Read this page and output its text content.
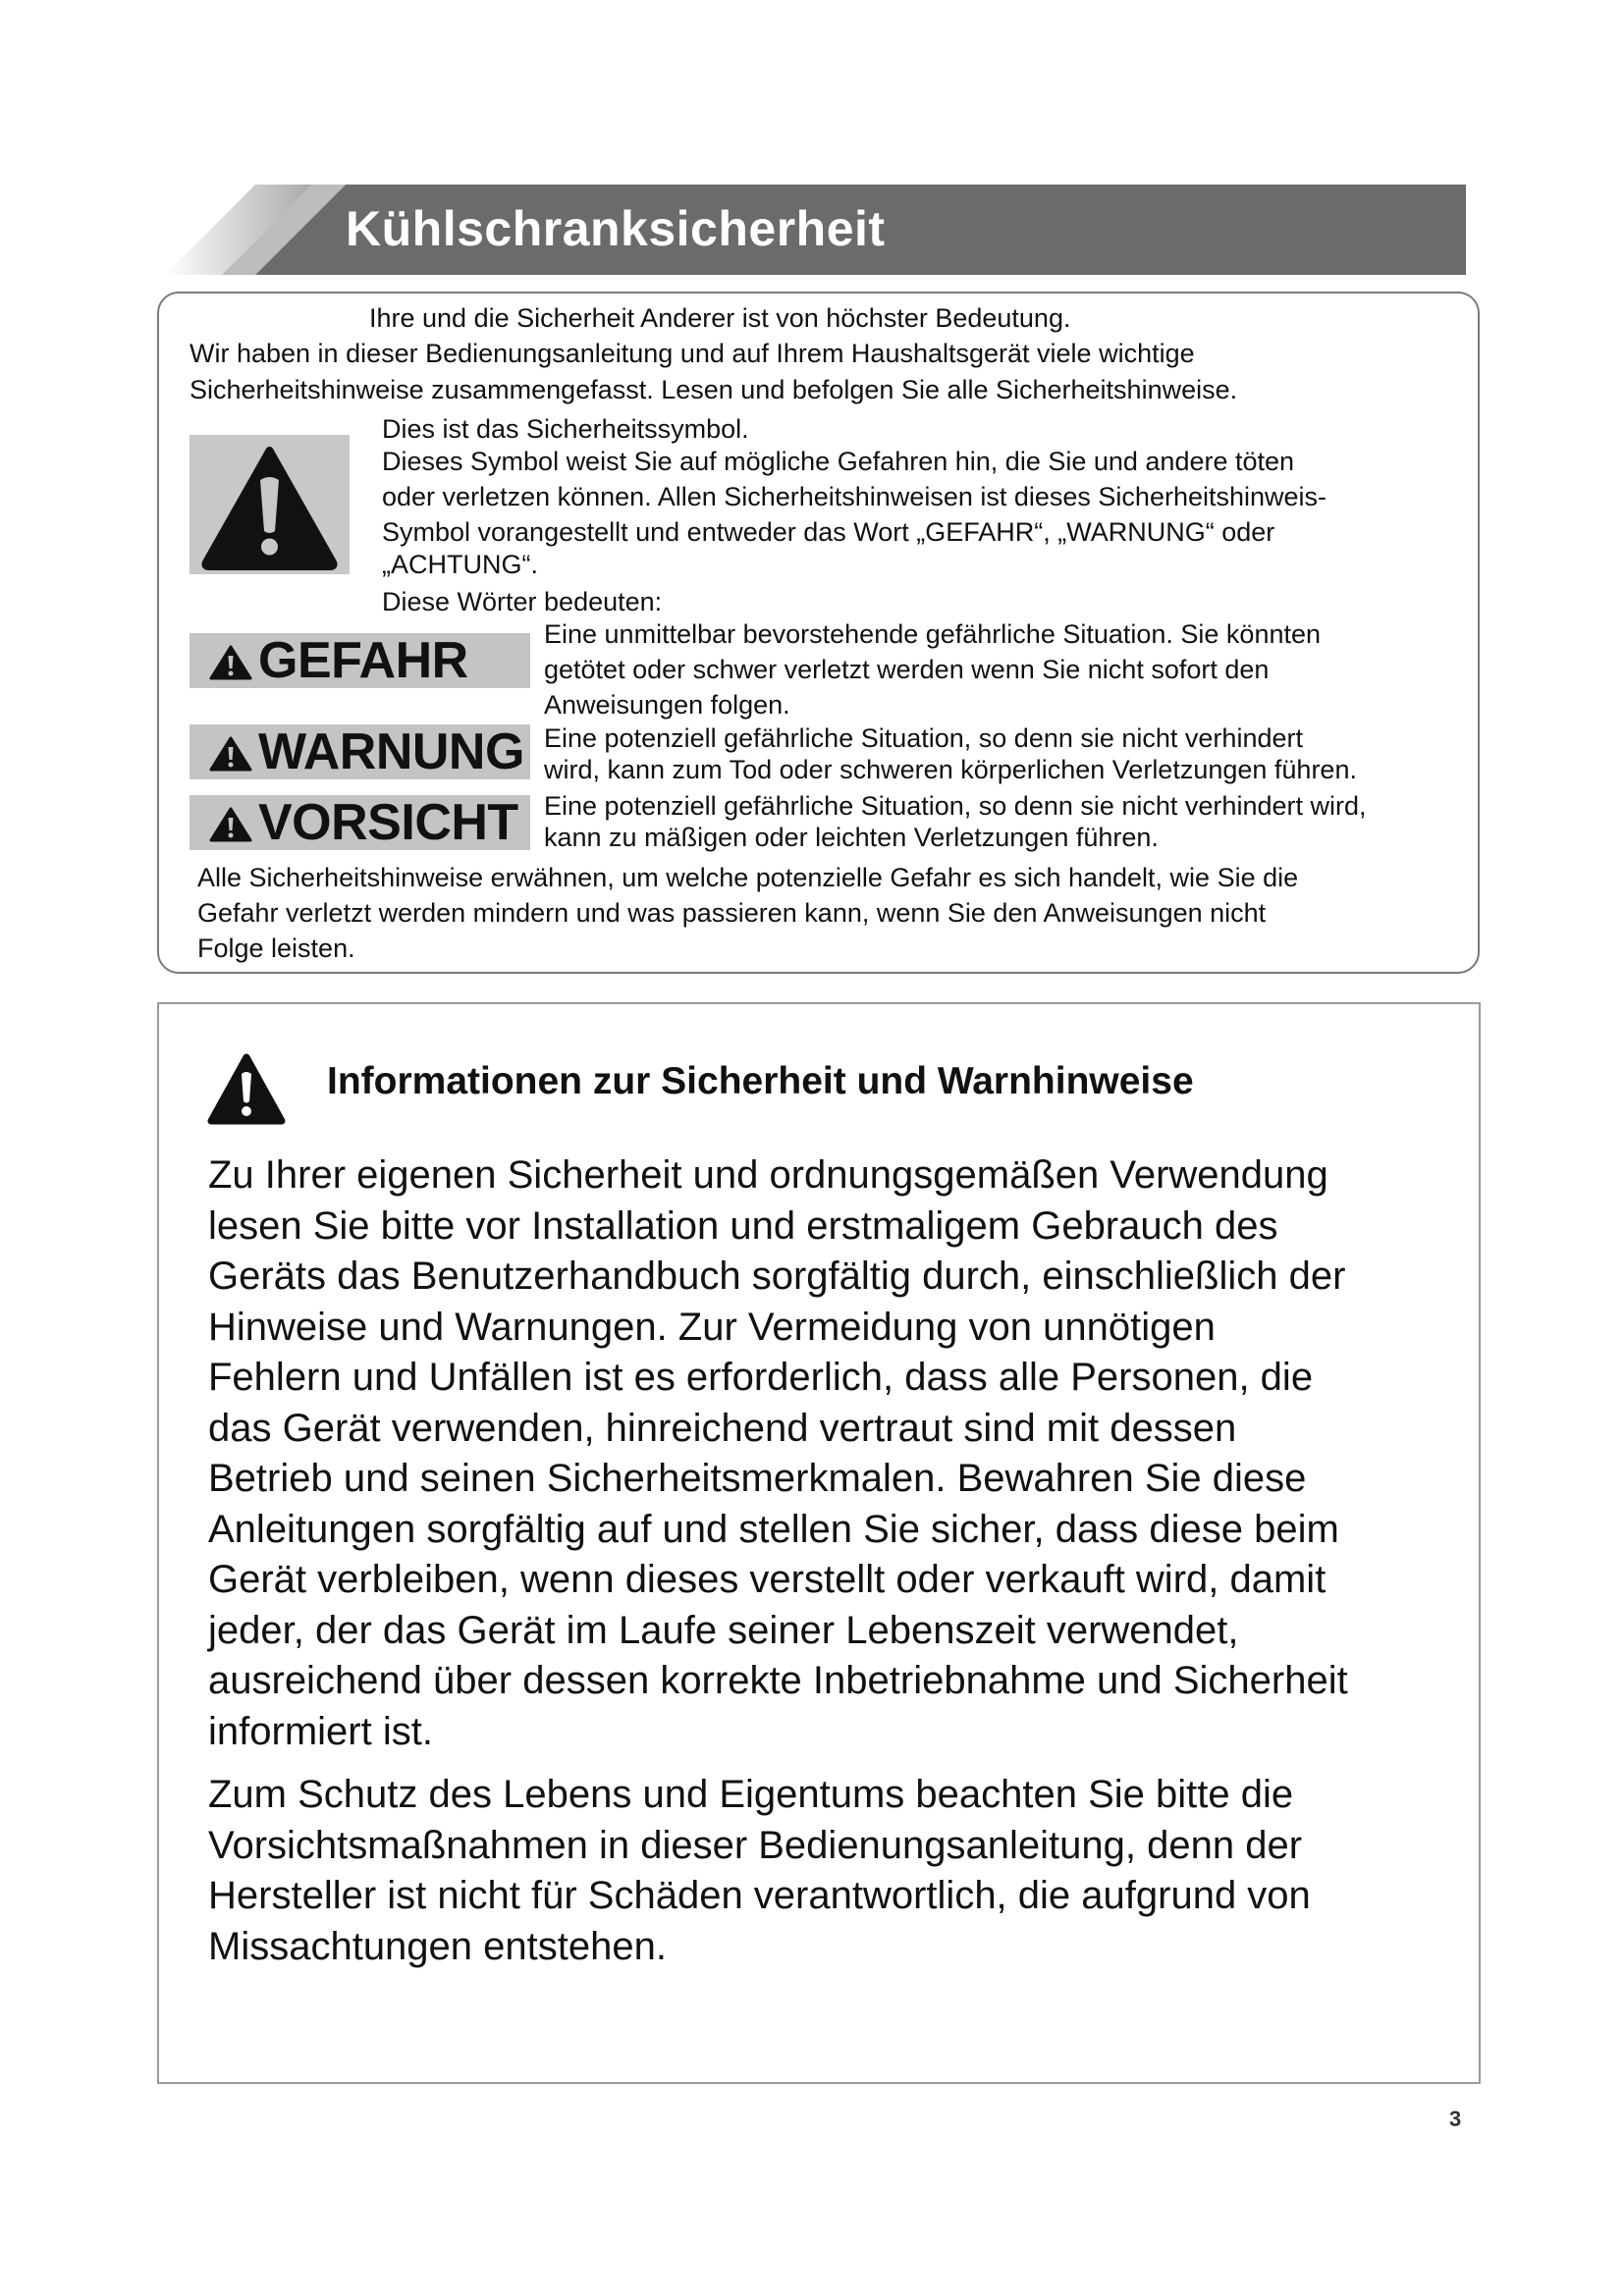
Kühlschranksicherheit
Ihre und die Sicherheit Anderer ist von höchster Bedeutung.
Wir haben in dieser Bedienungsanleitung und auf Ihrem Haushaltsgerät viele wichtige
Sicherheitshinweise zusammengefasst. Lesen und befolgen Sie alle Sicherheitshinweise.
Dies ist das Sicherheitssymbol.
Dieses Symbol weist Sie auf mögliche Gefahren hin, die Sie und andere töten
oder verletzen können. Allen Sicherheitshinweisen ist dieses Sicherheitshinweis-
Symbol vorangestellt und entweder das Wort „GEFAHR“, „WARNUNG“ oder
„ACHTUNG“.
Diese Wörter bedeuten:
GEFAHR	Eine unmittelbar bevorstehende gefährliche Situation. Sie könnten
getötet oder schwer verletzt werden wenn Sie nicht sofort den
Anweisungen folgen.
WARNUNG Eine potenziell gefährliche Situation, so denn sie nicht verhindert
wird, kann zum Tod oder schweren körperlichen Verletzungen führen.
VORSICHT Eine potenziell gefährliche Situation, so denn sie nicht verhindert wird,
kann zu mäßigen oder leichten Verletzungen führen.
Alle Sicherheitshinweise erwähnen, um welche potenzielle Gefahr es sich handelt, wie Sie die
Gefahr verletzt werden mindern und was passieren kann, wenn Sie den Anweisungen nicht
Folge leisten.
Informationen zur Sicherheit und Warnhinweise
Zu Ihrer eigenen Sicherheit und ordnungsgemäßen Verwendung
lesen Sie bitte vor Installation und erstmaligem Gebrauch des
Geräts das Benutzerhandbuch sorgfältig durch, einschließlich der
Hinweise und Warnungen. Zur Vermeidung von unnötigen
Fehlern und Unfällen ist es erforderlich, dass alle Personen, die
das Gerät verwenden, hinreichend vertraut sind mit dessen
Betrieb und seinen Sicherheitsmerkmalen. Bewahren Sie diese
Anleitungen sorgfältig auf und stellen Sie sicher, dass diese beim
Gerät verbleiben, wenn dieses verstellt oder verkauft wird, damit
jeder, der das Gerät im Laufe seiner Lebenszeit verwendet,
ausreichend über dessen korrekte Inbetriebnahme und Sicherheit
informiert ist.
Zum Schutz des Lebens und Eigentums beachten Sie bitte die
Vorsichtsmaßnahmen in dieser Bedienungsanleitung, denn der
Hersteller ist nicht für Schäden verantwortlich, die aufgrund von
Missachtungen entstehen.
3
